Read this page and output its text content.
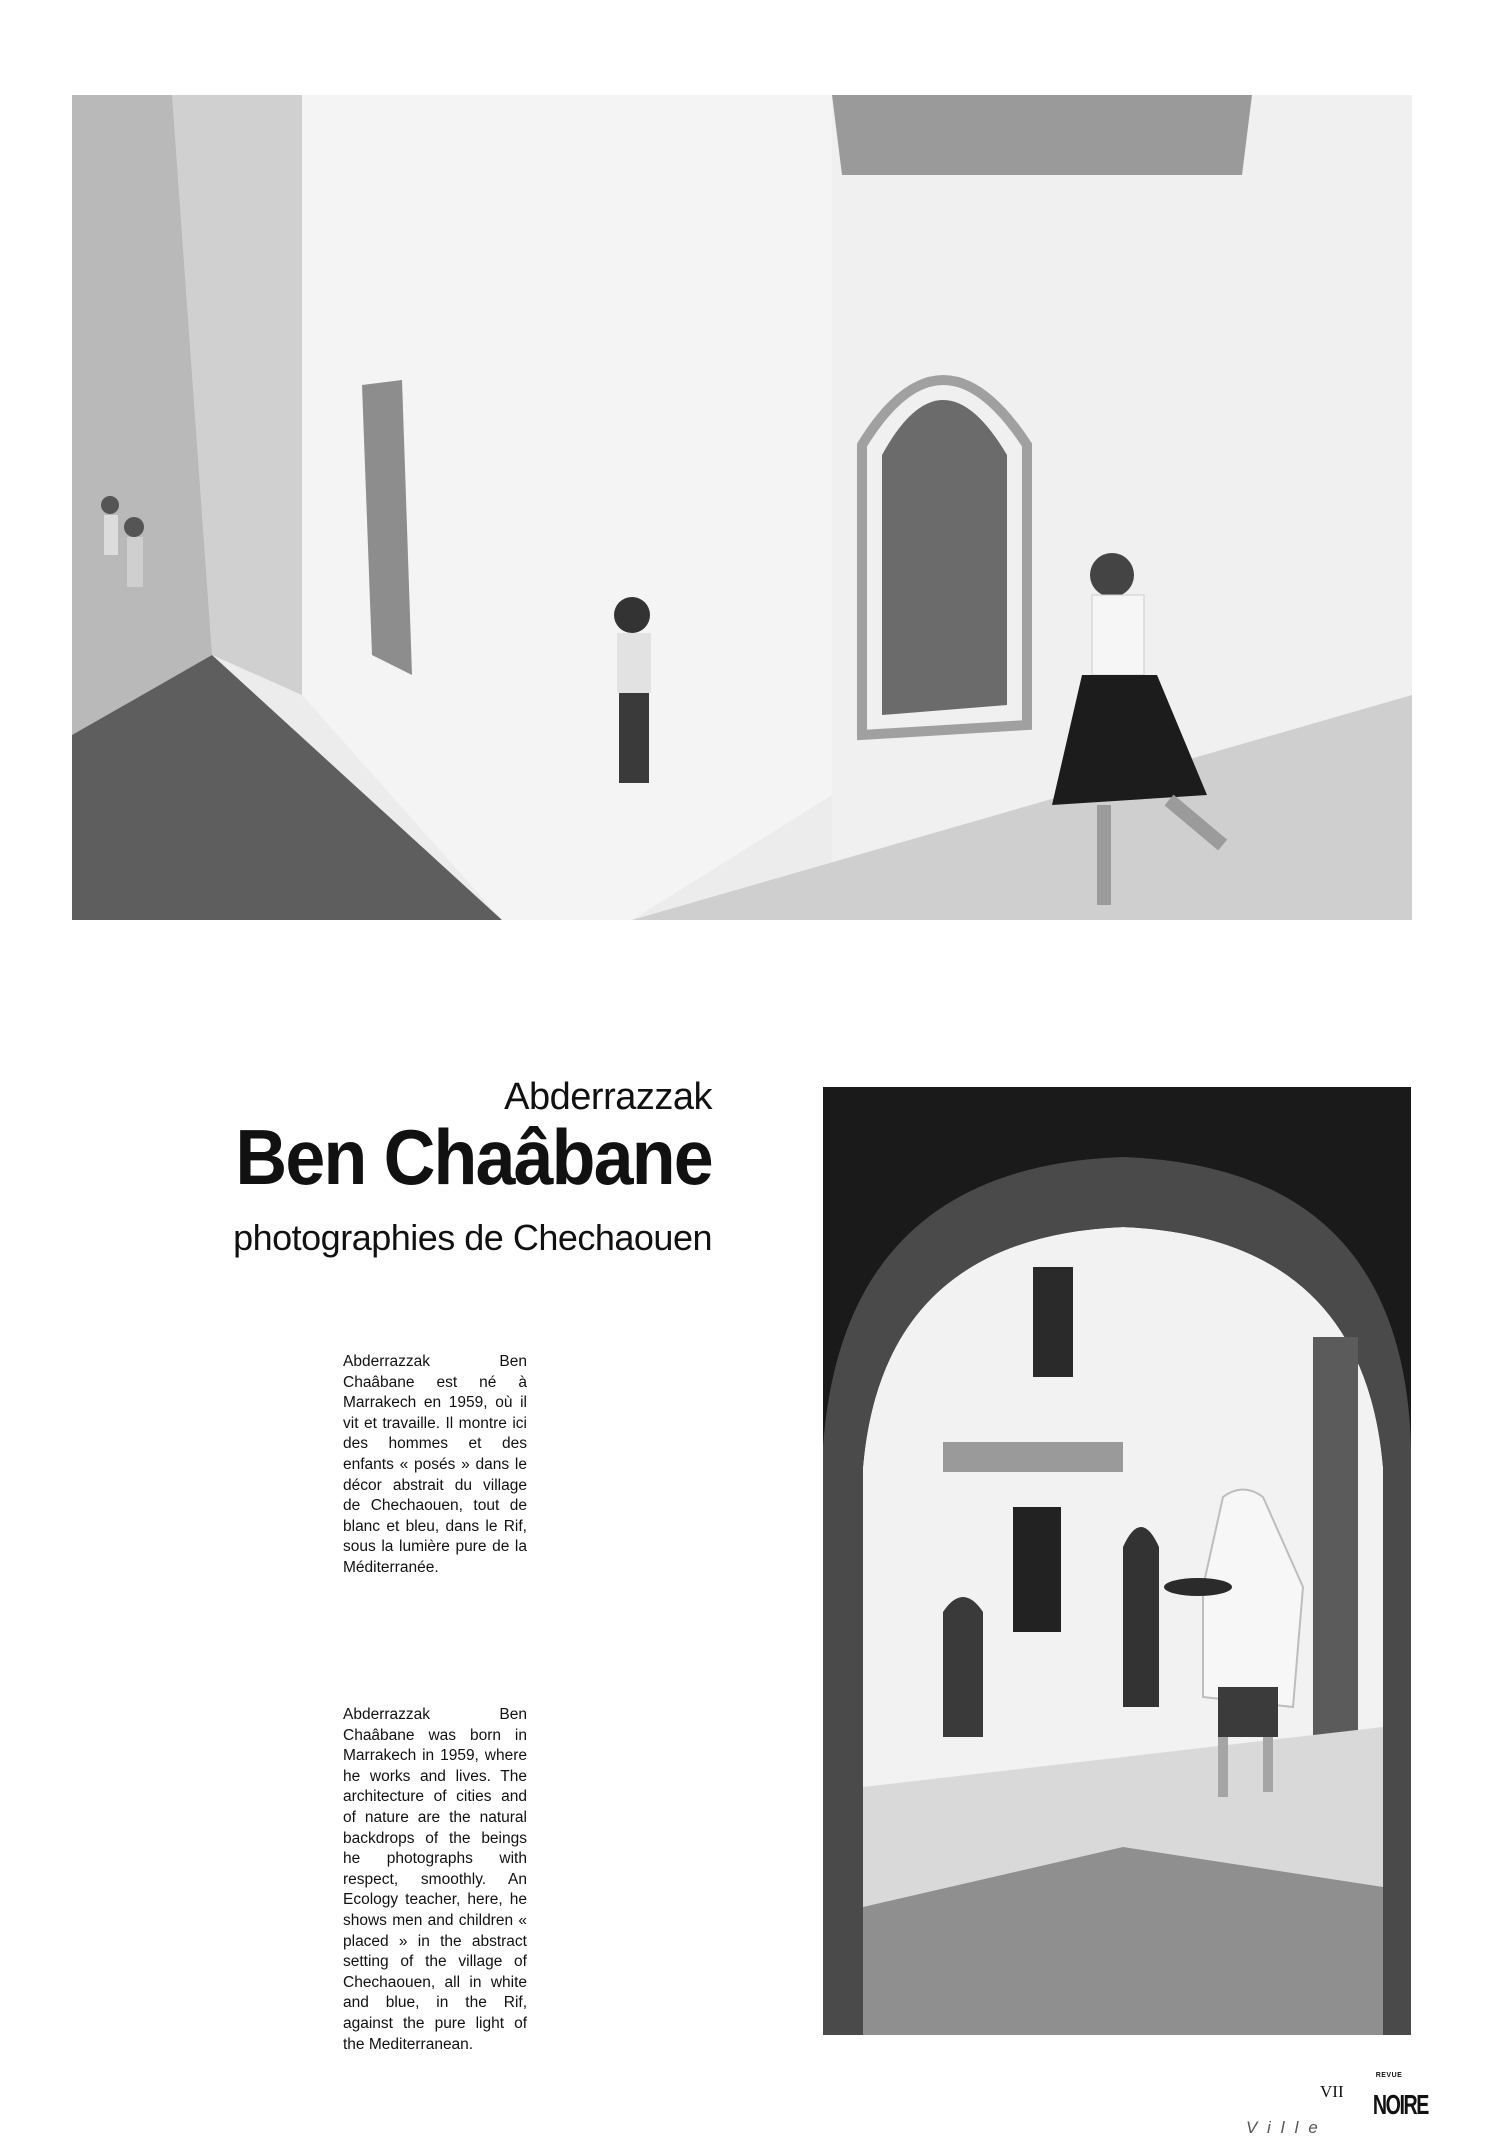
Abderrazzak
Ben Chaâbane
photographies de Chechaouen
Abderrazzak Ben Chaâbane est né à Marrakech en 1959, où il vit et travaille. Il montre ici des hommes et des enfants « posés » dans le décor abstrait du village de Chechaouen, tout de blanc et bleu, dans le Rif, sous la lumière pure de la Méditerranée.
Abderrazzak Ben Chaâbane was born in Marrakech in 1959, where he works and lives. The architecture of cities and of nature are the natural backdrops of the beings he photographs with respect, smoothly. An Ecology teacher, here, he shows men and children « placed » in the abstract setting of the village of Chechaouen, all in white and blue, in the Rif, against the pure light of the Mediterranean.
VII
Ville
REVUE
NOIRE
